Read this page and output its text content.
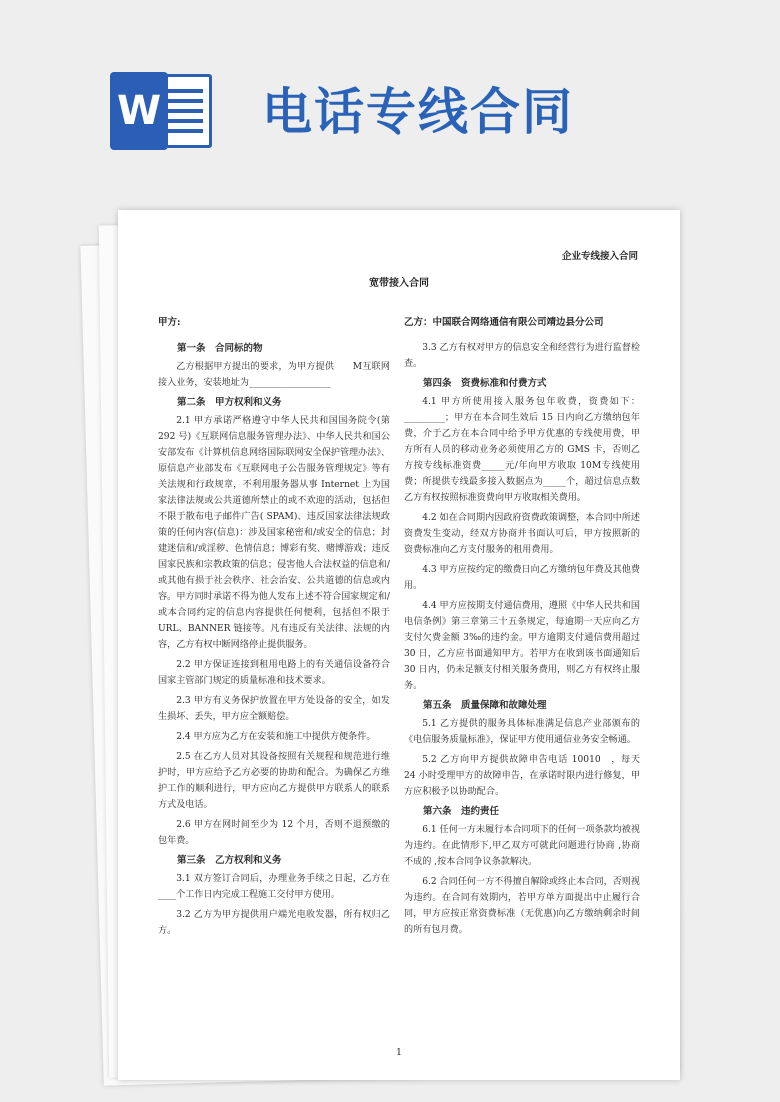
W 电话专线合同
企业专线接入合同
宽带接入合同
甲方:	乙方：中国联合网络通信有限公司靖边县分公司
第一条　合同标的物

乙方根据甲方提出的要求，为甲方提供　　M互联网接入业务，安装地址为__________________

第二条　甲方权利和义务

2.1 甲方承诺严格遵守中华人民共和国国务院令(第 292 号)《互联网信息服务管理办法》、中华人民共和国公安部发布《计算机信息网络国际联网安全保护管理办法》、原信息产业部发布《互联网电子公告服务管理规定》等有关法规和行政规章，不利用服务器从事 Internet 上为国家法律法规或公共道德所禁止的或不欢迎的活动，包括但不限于散布电子邮件广告( SPAM)、违反国家法律法规政策的任何内容(信息)：涉及国家秘密和/或安全的信息；封建迷信和/或淫秽、色情信息；博彩有奖、赌博游戏；违反国家民族和宗教政策的信息；侵害他人合法权益的信息和/或其他有损于社会秩序、社会治安、公共道德的信息或内容。甲方同时承诺不得为他人发布上述不符合国家规定和/或本合同约定的信息内容提供任何便利，包括但不限于 URL、BANNER 链接等。凡有违反有关法律、法规的内容，乙方有权中断网络停止提供服务。

2.2 甲方保证连接到租用电路上的有关通信设备符合国家主管部门规定的质量标准和技术要求。

2.3 甲方有义务保护放置在甲方处设备的安全，如发生损坏、丢失，甲方应全额赔偿。

2.4 甲方应为乙方在安装和施工中提供方便条件。

2.5 在乙方人员对其设备按照有关规程和规范进行维护时，甲方应给予乙方必要的协助和配合。为确保乙方维护工作的顺利进行，甲方应向乙方提供甲方联系人的联系方式及电话。

2.6 甲方在网时间至少为 12 个月，否则不退预缴的包年费。

第三条　乙方权利和义务

3.1 双方签订合同后，办理业务手续之日起，乙方在 ____个工作日内完成工程施工交付甲方使用。

3.2 乙方为甲方提供用户端光电收发器，所有权归乙方。

3.3 乙方有权对甲方的信息安全和经营行为进行监督检查。

第四条　资费标准和付费方式

4.1 甲方所使用接入服务包年收费，资费如下：_________；甲方在本合同生效后 15 日内向乙方缴纳包年费，介于乙方在本合同中给予甲方优惠的专线使用费，甲方所有人员的移动业务必须使用乙方的 GMS 卡，否则乙方按专线标准资费_____元/年向甲方收取 10M专线使用费；所提供专线最多接入数据点为_____个，超过信息点数乙方有权按照标准资费向甲方收取相关费用。

4.2 如在合同期内因政府资费政策调整，本合同中所述资费发生变动，经双方协商并书面认可后，甲方按照新的资费标准向乙方支付服务的租用费用。

4.3 甲方应按约定的缴费日向乙方缴纳包年费及其他费用。

4.4 甲方应按期支付通信费用，遵照《中华人民共和国电信条例》第三章第三十五条规定，每逾期一天应向乙方支付欠费金额 3‰的违约金。甲方逾期支付通信费用超过 30 日，乙方应书面通知甲方。若甲方在收到该书面通知后 30 日内，仍未足额支付相关服务费用，则乙方有权终止服务。

第五条　质量保障和故障处理

5.1 乙方提供的服务具体标准满足信息产业部颁布的《电信服务质量标准》，保证甲方使用通信业务安全畅通。

5.2 乙方向甲方提供故障申告电话 10010　，每天 24 小时受理甲方的故障申告，在承诺时限内进行修复，甲方应积极予以协助配合。

第六条　违约责任

6.1 任何一方未履行本合同项下的任何一项条款均被视为违约。在此情形下,甲乙双方可就此问题进行协商 ,协商不成的 ,按本合同争议条款解决。

6.2 合同任何一方不得擅自解除或终止本合同，否则视为违约。在合同有效期内，若甲方单方面提出中止履行合同，甲方应按正常资费标准（无优惠)向乙方缴纳剩余时间的所有包月费。

1
